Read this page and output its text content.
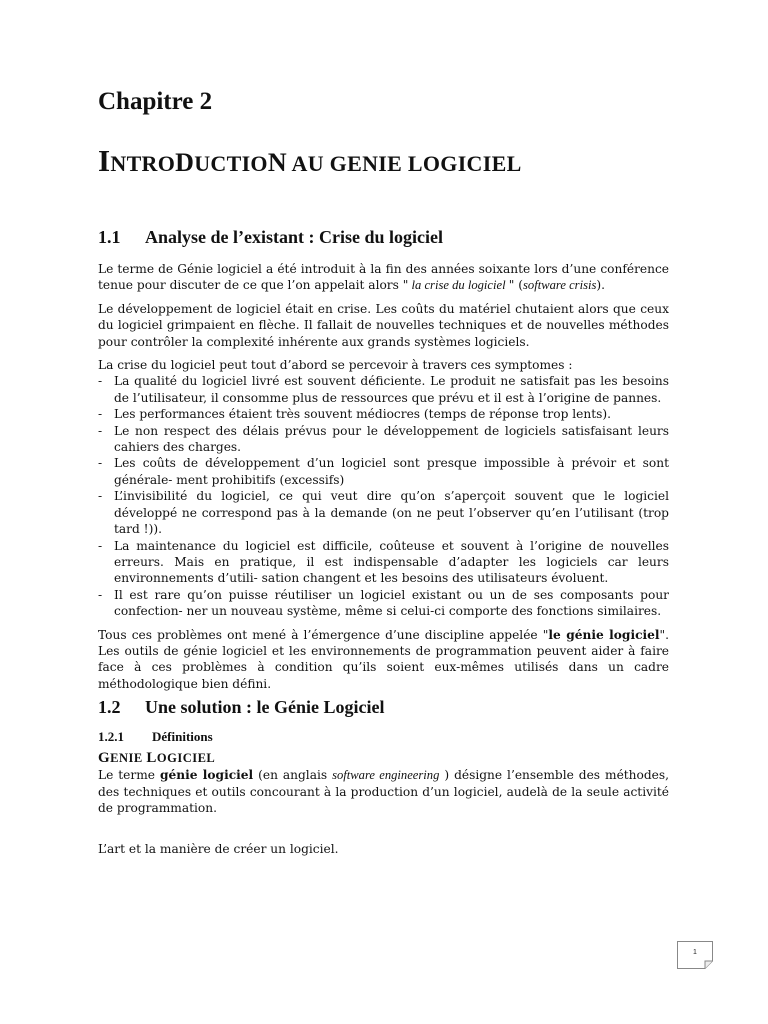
Chapitre 2
INTRODUCTION AU GENIE LOGICIEL
1.1 Analyse de l’existant : Crise du logiciel

Le terme de Génie logiciel a été introduit à la fin des années soixante lors d’une conférence tenue pour discuter de ce que l’on appelait alors " la crise du logiciel " (software crisis).

Le développement de logiciel était en crise. Les coûts du matériel chutaient alors que ceux du logiciel grimpaient en flèche. Il fallait de nouvelles techniques et de nouvelles méthodes pour contrôler la complexité inhérente aux grands systèmes logiciels.

La crise du logiciel peut tout d’abord se percevoir à travers ces symptomes :

- La qualité du logiciel livré est souvent déficiente. Le produit ne satisfait pas les besoins de l’utilisateur, il consomme plus de ressources que prévu et il est à l’origine de pannes.
- Les performances étaient très souvent médiocres (temps de réponse trop lents).
- Le non respect des délais prévus pour le développement de logiciels satisfaisant leurs cahiers des charges.
- Les coûts de développement d’un logiciel sont presque impossible à prévoir et sont générale- ment prohibitifs (excessifs)
- L’invisibilité du logiciel, ce qui veut dire qu’on s’aperçoit souvent que le logiciel développé ne correspond pas à la demande (on ne peut l’observer qu’en l’utilisant (trop tard !)).
- La maintenance du logiciel est difficile, coûteuse et souvent à l’origine de nouvelles erreurs. Mais en pratique, il est indispensable d’adapter les logiciels car leurs environnements d’utili- sation changent et les besoins des utilisateurs évoluent.
- Il est rare qu’on puisse réutiliser un logiciel existant ou un de ses composants pour confection- ner un nouveau système, même si celui-ci comporte des fonctions similaires.

Tous ces problèmes ont mené à l’émergence d’une discipline appelée "le génie logiciel". Les outils de génie logiciel et les environnements de programmation peuvent aider à faire face à ces problèmes à condition qu’ils soient eux-mêmes utilisés dans un cadre méthodologique bien défini.

1.2 Une solution : le Génie Logiciel
1.2.1 Définitions
GENIE LOGICIEL

Le terme génie logiciel (en anglais software engineering ) désigne l’ensemble des méthodes, des techniques et outils concourant à la production d’un logiciel, audelà de la seule activité de programmation.

L’art et la manière de créer un logiciel.

1
